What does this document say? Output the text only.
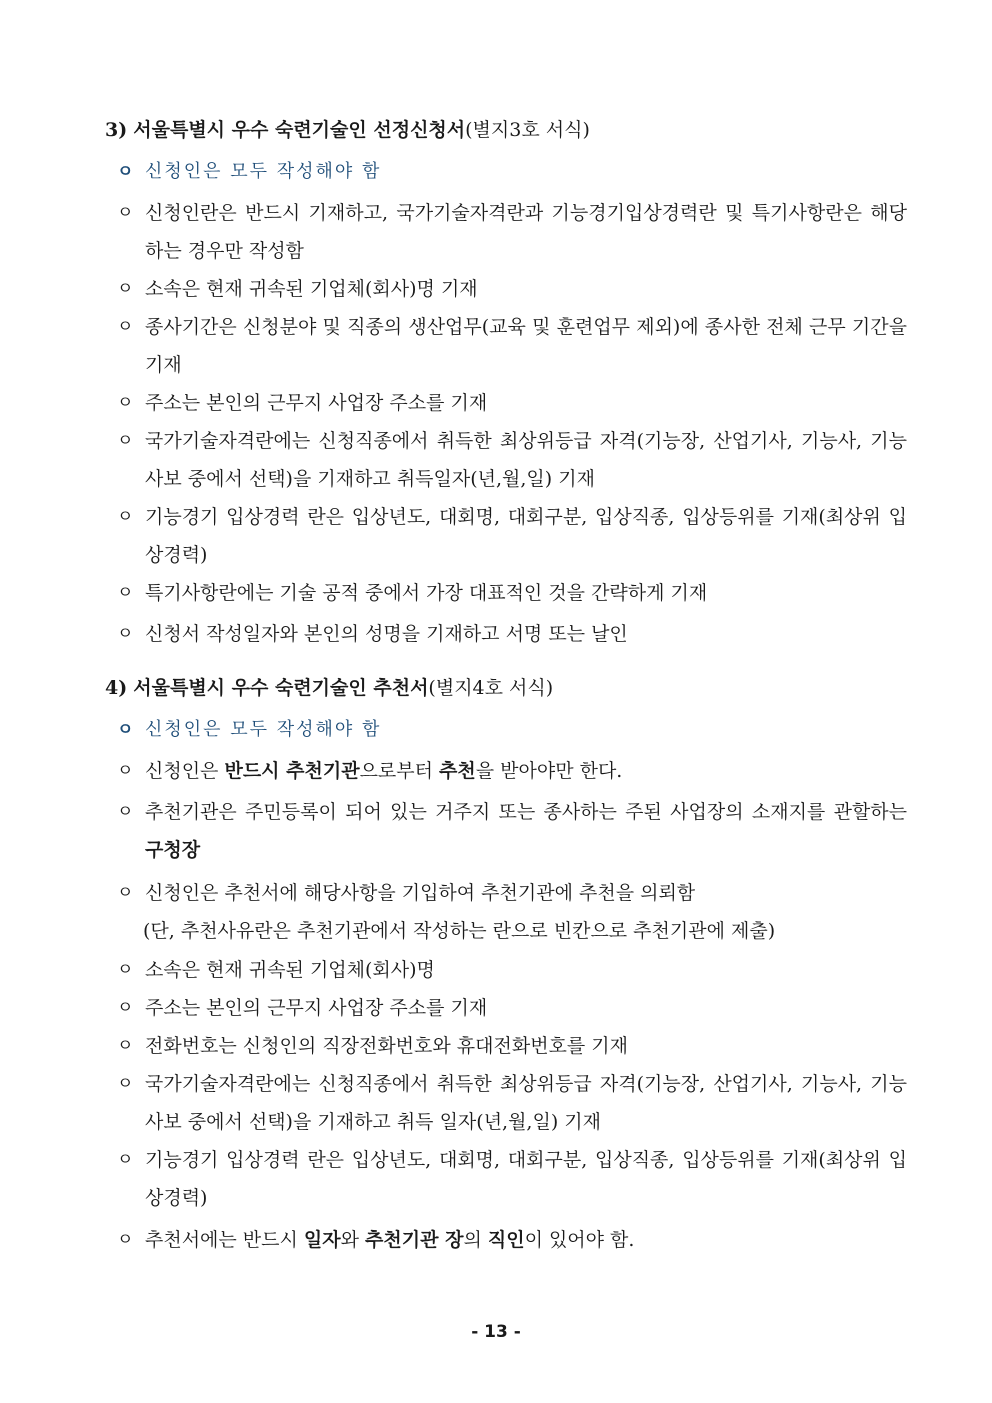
3) 서울특별시 우수 숙련기술인 선정신청서(별지3호 서식)
ㅇ 신청인은 모두 작성해야 함
ㅇ 신청인란은 반드시 기재하고, 국가기술자격란과 기능경기입상경력란 및 특기사항란은 해당하는 경우만 작성함
ㅇ 소속은 현재 귀속된 기업체(회사)명 기재
ㅇ 종사기간은 신청분야 및 직종의 생산업무(교육 및 훈련업무 제외)에 종사한 전체 근무 기간을 기재
ㅇ 주소는 본인의 근무지 사업장 주소를 기재
ㅇ 국가기술자격란에는 신청직종에서 취득한 최상위등급 자격(기능장, 산업기사, 기능사, 기능사보 중에서 선택)을 기재하고 취득일자(년,월,일) 기재
ㅇ 기능경기 입상경력 란은 입상년도, 대회명, 대회구분, 입상직종, 입상등위를 기재(최상위 입상경력)
ㅇ 특기사항란에는 기술 공적 중에서 가장 대표적인 것을 간략하게 기재
ㅇ 신청서 작성일자와 본인의 성명을 기재하고 서명 또는 날인
4) 서울특별시 우수 숙련기술인 추천서(별지4호 서식)
ㅇ 신청인은 모두 작성해야 함
ㅇ 신청인은 반드시 추천기관으로부터 추천을 받아야만 한다.
ㅇ 추천기관은 주민등록이 되어 있는 거주지 또는 종사하는 주된 사업장의 소재지를 관할하는 구청장
ㅇ 신청인은 추천서에 해당사항을 기입하여 추천기관에 추천을 의뢰함
(단, 추천사유란은 추천기관에서 작성하는 란으로 빈칸으로 추천기관에 제출)
ㅇ 소속은 현재 귀속된 기업체(회사)명
ㅇ 주소는 본인의 근무지 사업장 주소를 기재
ㅇ 전화번호는 신청인의 직장전화번호와 휴대전화번호를 기재
ㅇ 국가기술자격란에는 신청직종에서 취득한 최상위등급 자격(기능장, 산업기사, 기능사, 기능사보 중에서 선택)을 기재하고 취득 일자(년,월,일) 기재
ㅇ 기능경기 입상경력 란은 입상년도, 대회명, 대회구분, 입상직종, 입상등위를 기재(최상위 입상경력)
ㅇ 추천서에는 반드시 일자와 추천기관 장의 직인이 있어야 함.
- 13 -
